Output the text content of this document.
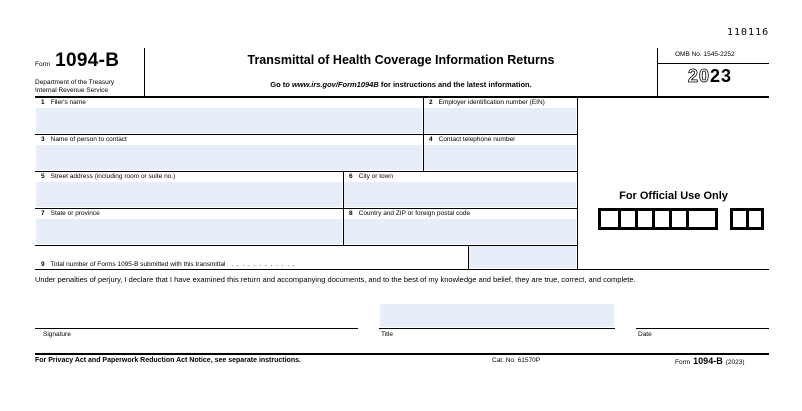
110116
Form 1094-B
Department of the Treasury
Internal Revenue Service
Transmittal of Health Coverage Information Returns
Go to www.irs.gov/Form1094B for instructions and the latest information.
OMB No. 1545-2252
2023
1 Filer's name	2 Employer identification number (EIN)
3 Name of person to contact	4 Contact telephone number
5 Street address (including room or suite no.)	6 City or town
7 State or province	8 Country and ZIP or foreign postal code
9 Total number of Forms 1095-B submitted with this transmittal . . . . . . . . . . . .
For Official Use Only
Under penalties of perjury, I declare that I have examined this return and accompanying documents, and to the best of my knowledge and belief, they are true, correct, and complete.
Signature	Title	Date
For Privacy Act and Paperwork Reduction Act Notice, see separate instructions.	Cat. No. 61570P	Form 1094-B (2023)
